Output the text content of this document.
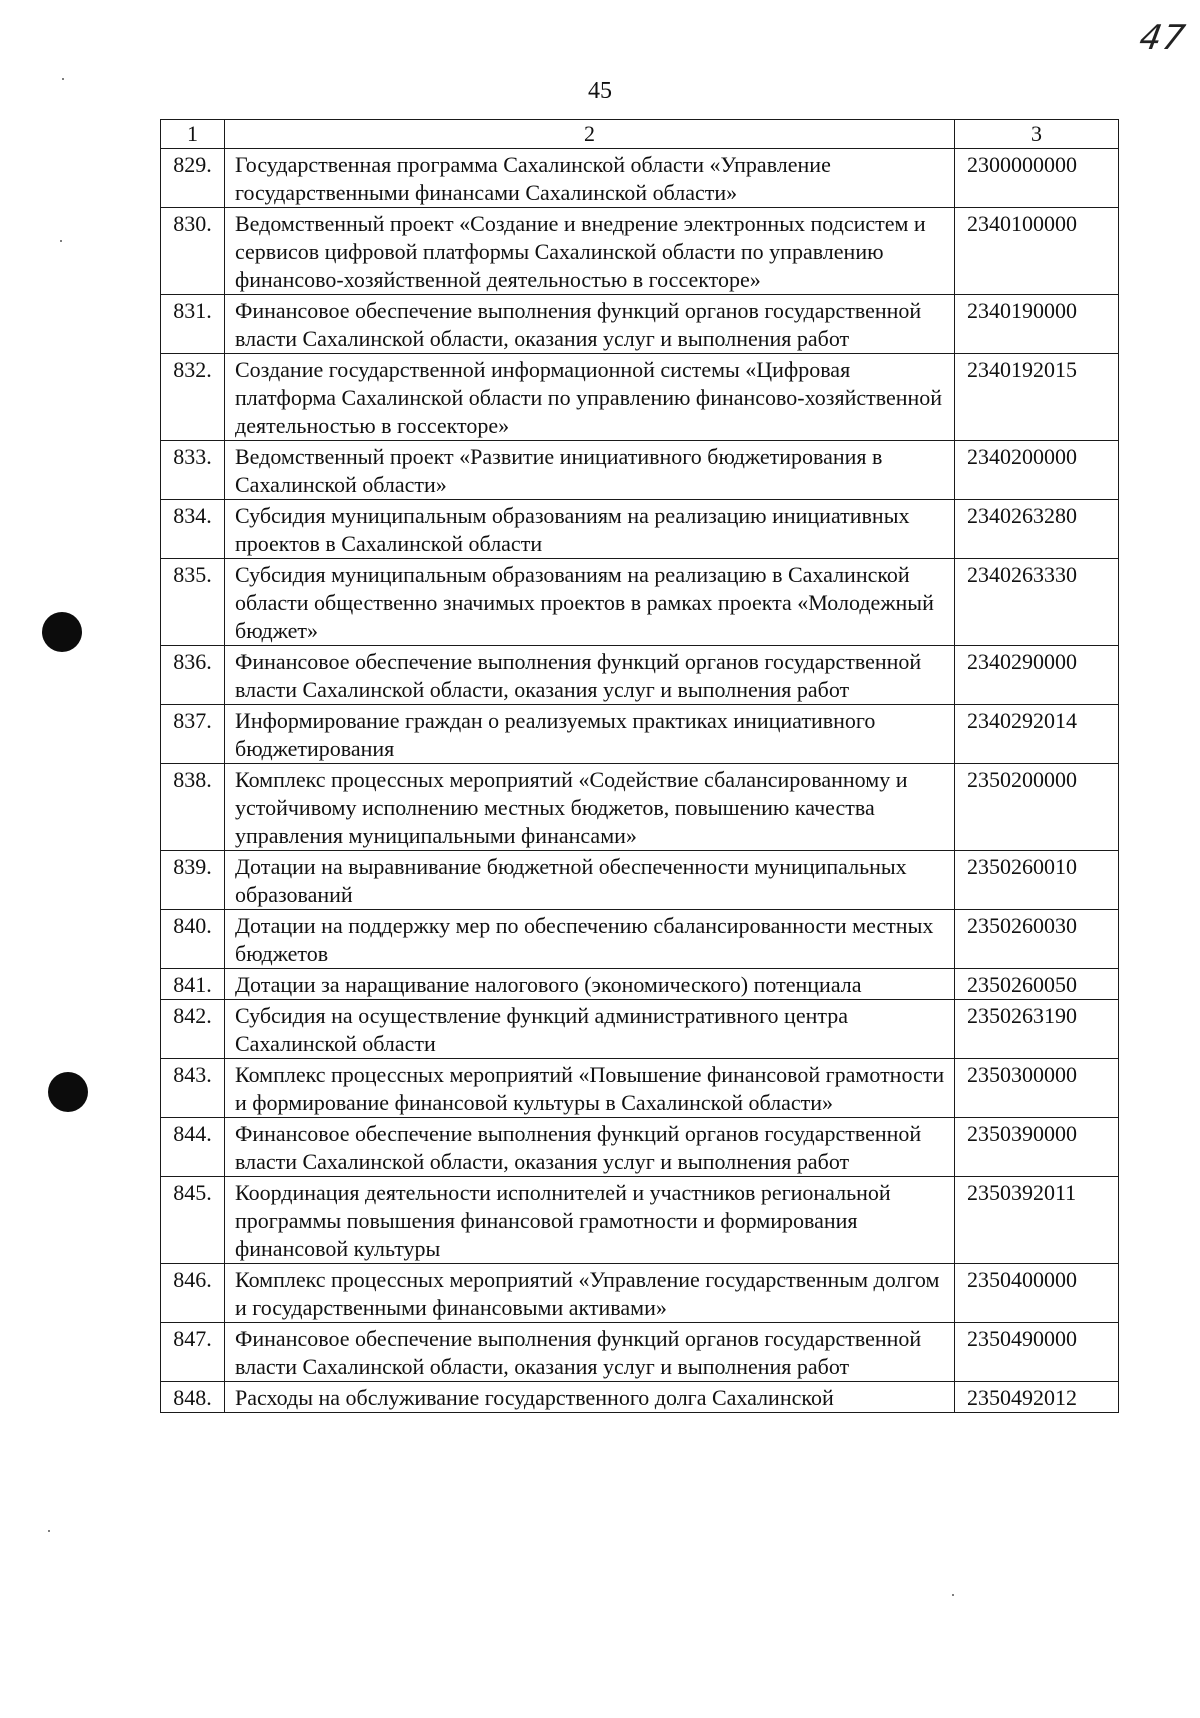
47
45
1	2	3
829.	Государственная программа Сахалинской области «Управление государственными финансами Сахалинской области»	2300000000
830.	Ведомственный проект «Создание и внедрение электронных подсистем и сервисов цифровой платформы Сахалинской области по управлению финансово-хозяйственной деятельностью в госсекторе»	2340100000
831.	Финансовое обеспечение выполнения функций органов государственной власти Сахалинской области, оказания услуг и выполнения работ	2340190000
832.	Создание государственной информационной системы «Цифровая платформа Сахалинской области по управлению финансово-хозяйственной деятельностью в госсекторе»	2340192015
833.	Ведомственный проект «Развитие инициативного бюджетирования в Сахалинской области»	2340200000
834.	Субсидия муниципальным образованиям на реализацию инициативных проектов в Сахалинской области	2340263280
835.	Субсидия муниципальным образованиям на реализацию в Сахалинской области общественно значимых проектов в рамках проекта «Молодежный бюджет»	2340263330
836.	Финансовое обеспечение выполнения функций органов государственной власти Сахалинской области, оказания услуг и выполнения работ	2340290000
837.	Информирование граждан о реализуемых практиках инициативного бюджетирования	2340292014
838.	Комплекс процессных мероприятий «Содействие сбалансированному и устойчивому исполнению местных бюджетов, повышению качества управления муниципальными финансами»	2350200000
839.	Дотации на выравнивание бюджетной обеспеченности муниципальных образований	2350260010
840.	Дотации на поддержку мер по обеспечению сбалансированности местных бюджетов	2350260030
841.	Дотации за наращивание налогового (экономического) потенциала	2350260050
842.	Субсидия на осуществление функций административного центра Сахалинской области	2350263190
843.	Комплекс процессных мероприятий «Повышение финансовой грамотности и формирование финансовой культуры в Сахалинской области»	2350300000
844.	Финансовое обеспечение выполнения функций органов государственной власти Сахалинской области, оказания услуг и выполнения работ	2350390000
845.	Координация деятельности исполнителей и участников региональной программы повышения финансовой грамотности и формирования финансовой культуры	2350392011
846.	Комплекс процессных мероприятий «Управление государственным долгом и государственными финансовыми активами»	2350400000
847.	Финансовое обеспечение выполнения функций органов государственной власти Сахалинской области, оказания услуг и выполнения работ	2350490000
848.	Расходы на обслуживание государственного долга Сахалинской	2350492012
